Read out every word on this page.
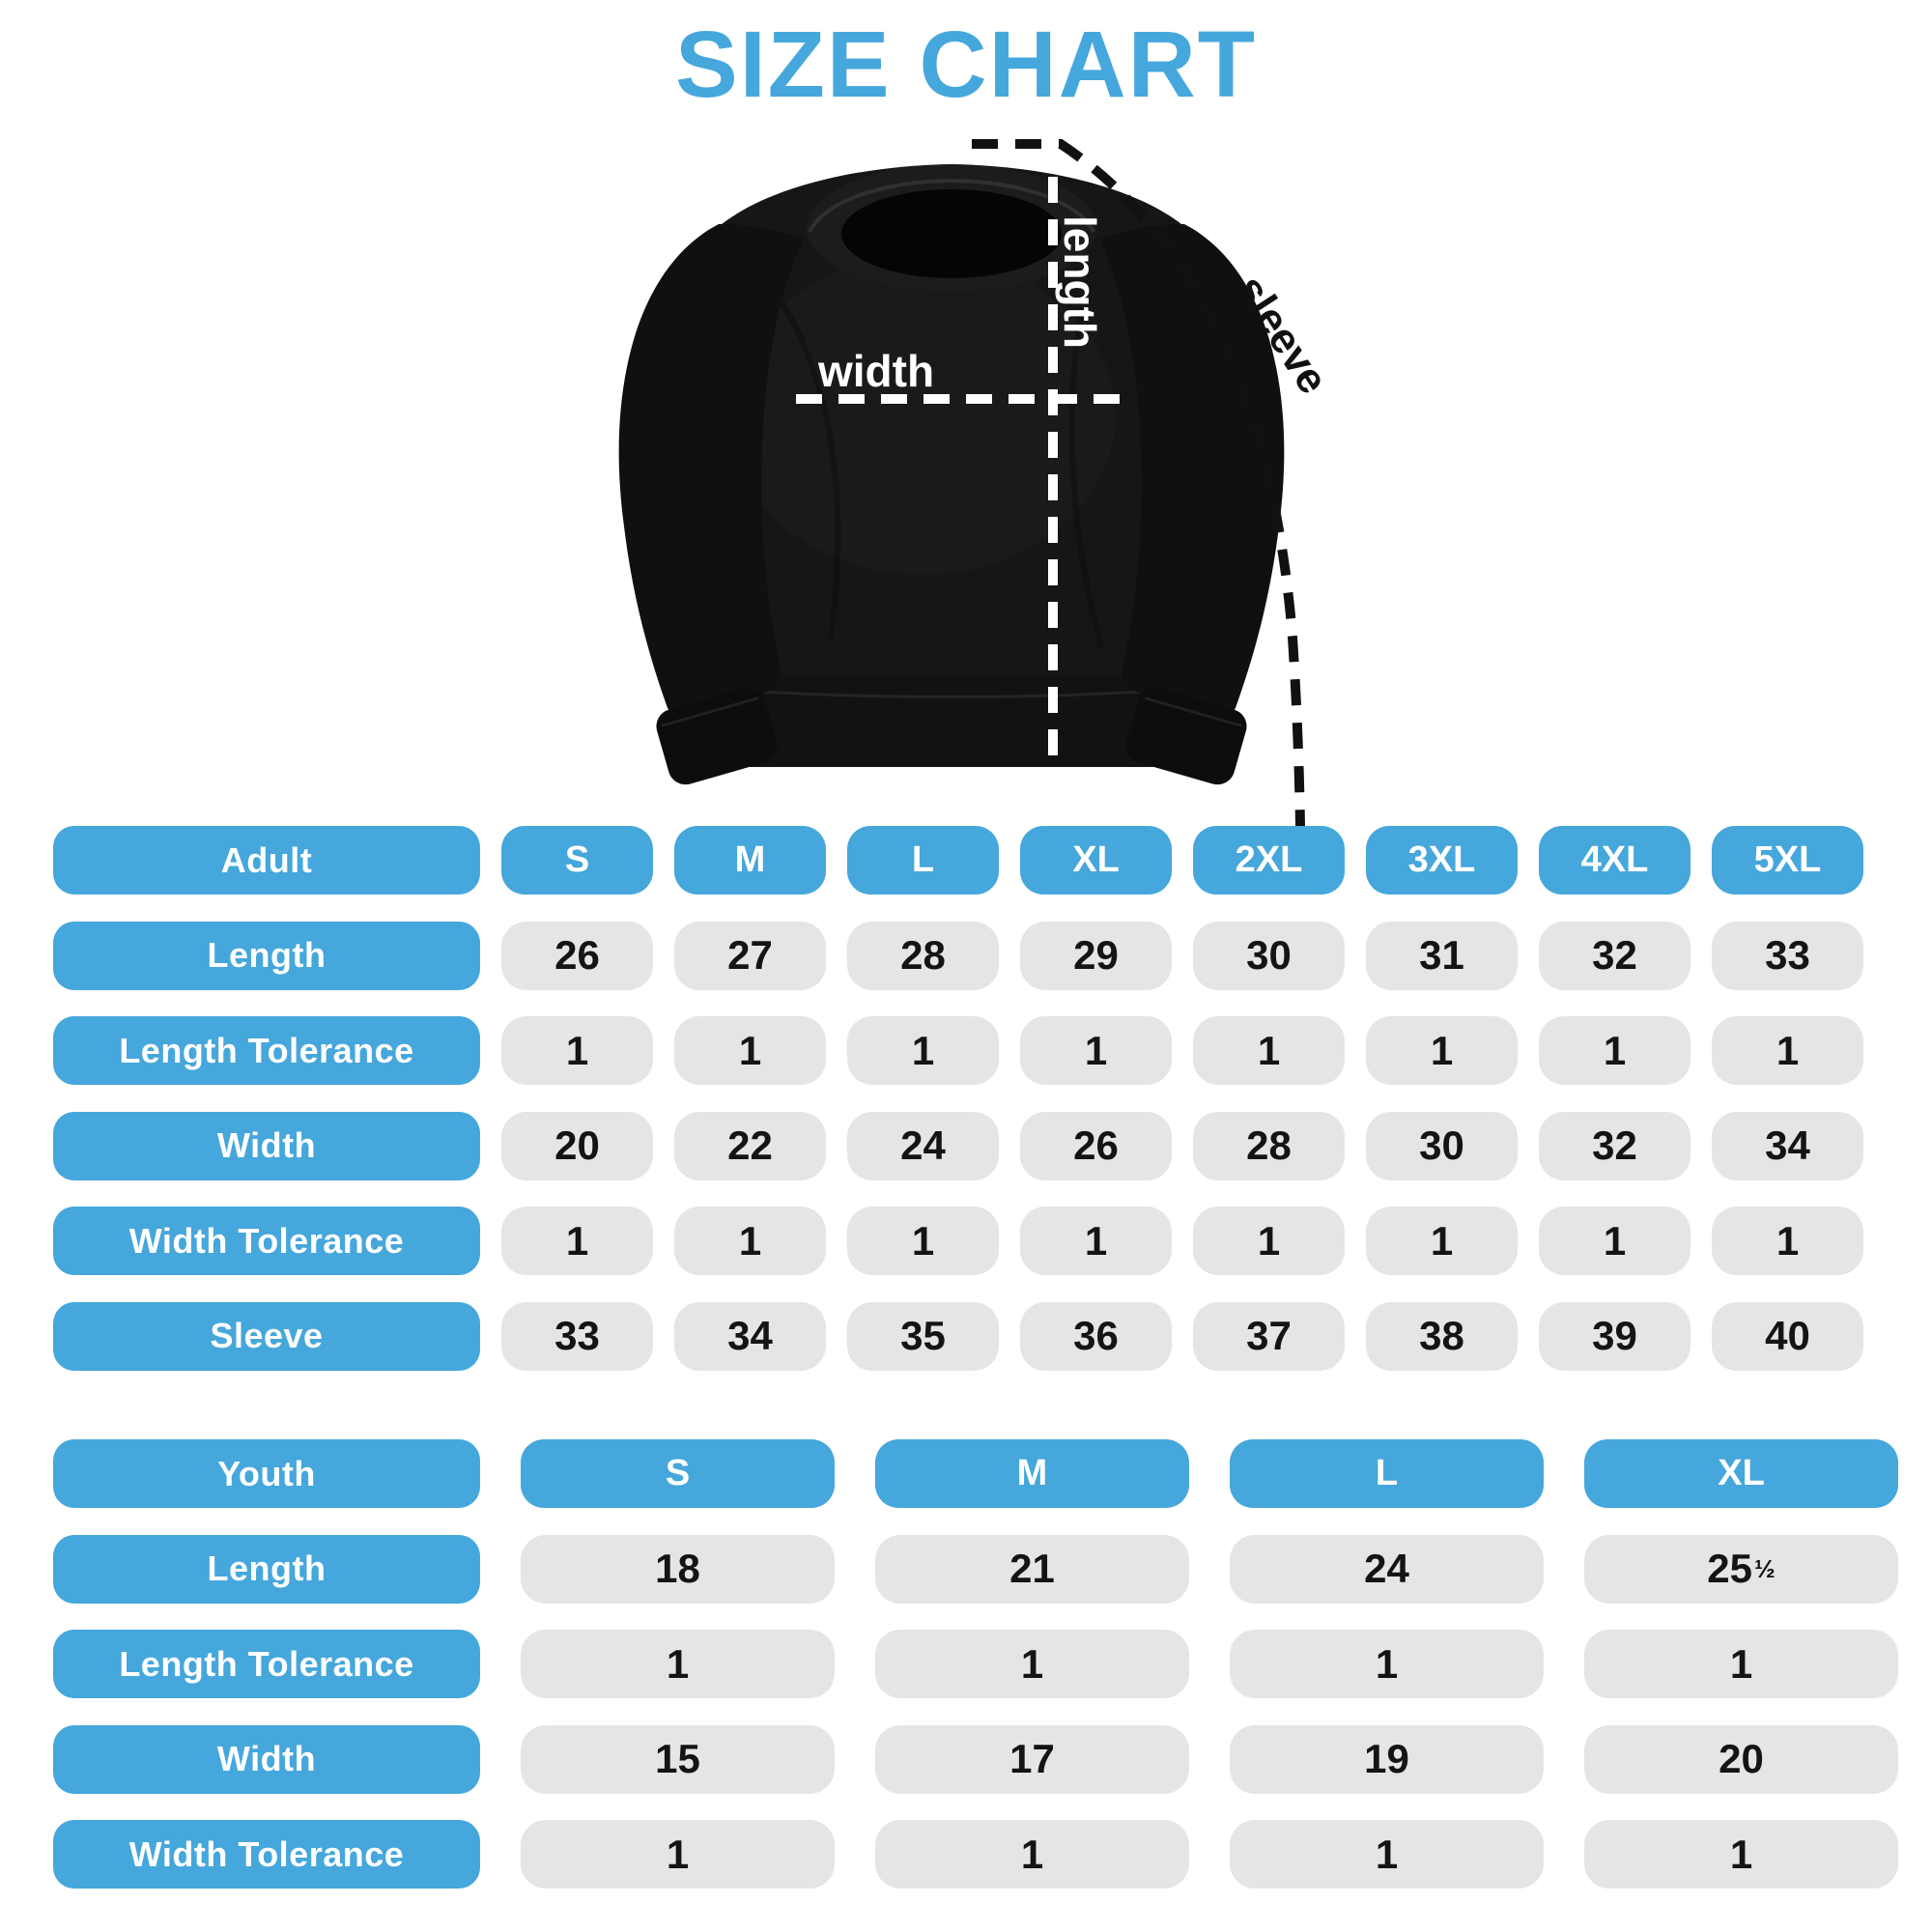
SIZE CHART
width
length	sleeve
Adult	S	M	L	XL	2XL	3XL	4XL	5XL
Length	26	27	28	29	30	31	32	33
Length Tolerance	1	1	1	1	1	1	1	1
Width	20	22	24	26	28	30	32	34
Width Tolerance	1	1	1	1	1	1	1	1
Sleeve	33	34	35	36	37	38	39	40
Youth	S	M	L	XL
Length	18	21	24	25 ½
Length Tolerance	1	1	1	1
Width	15	17	19	20
Width Tolerance	1	1	1	1
